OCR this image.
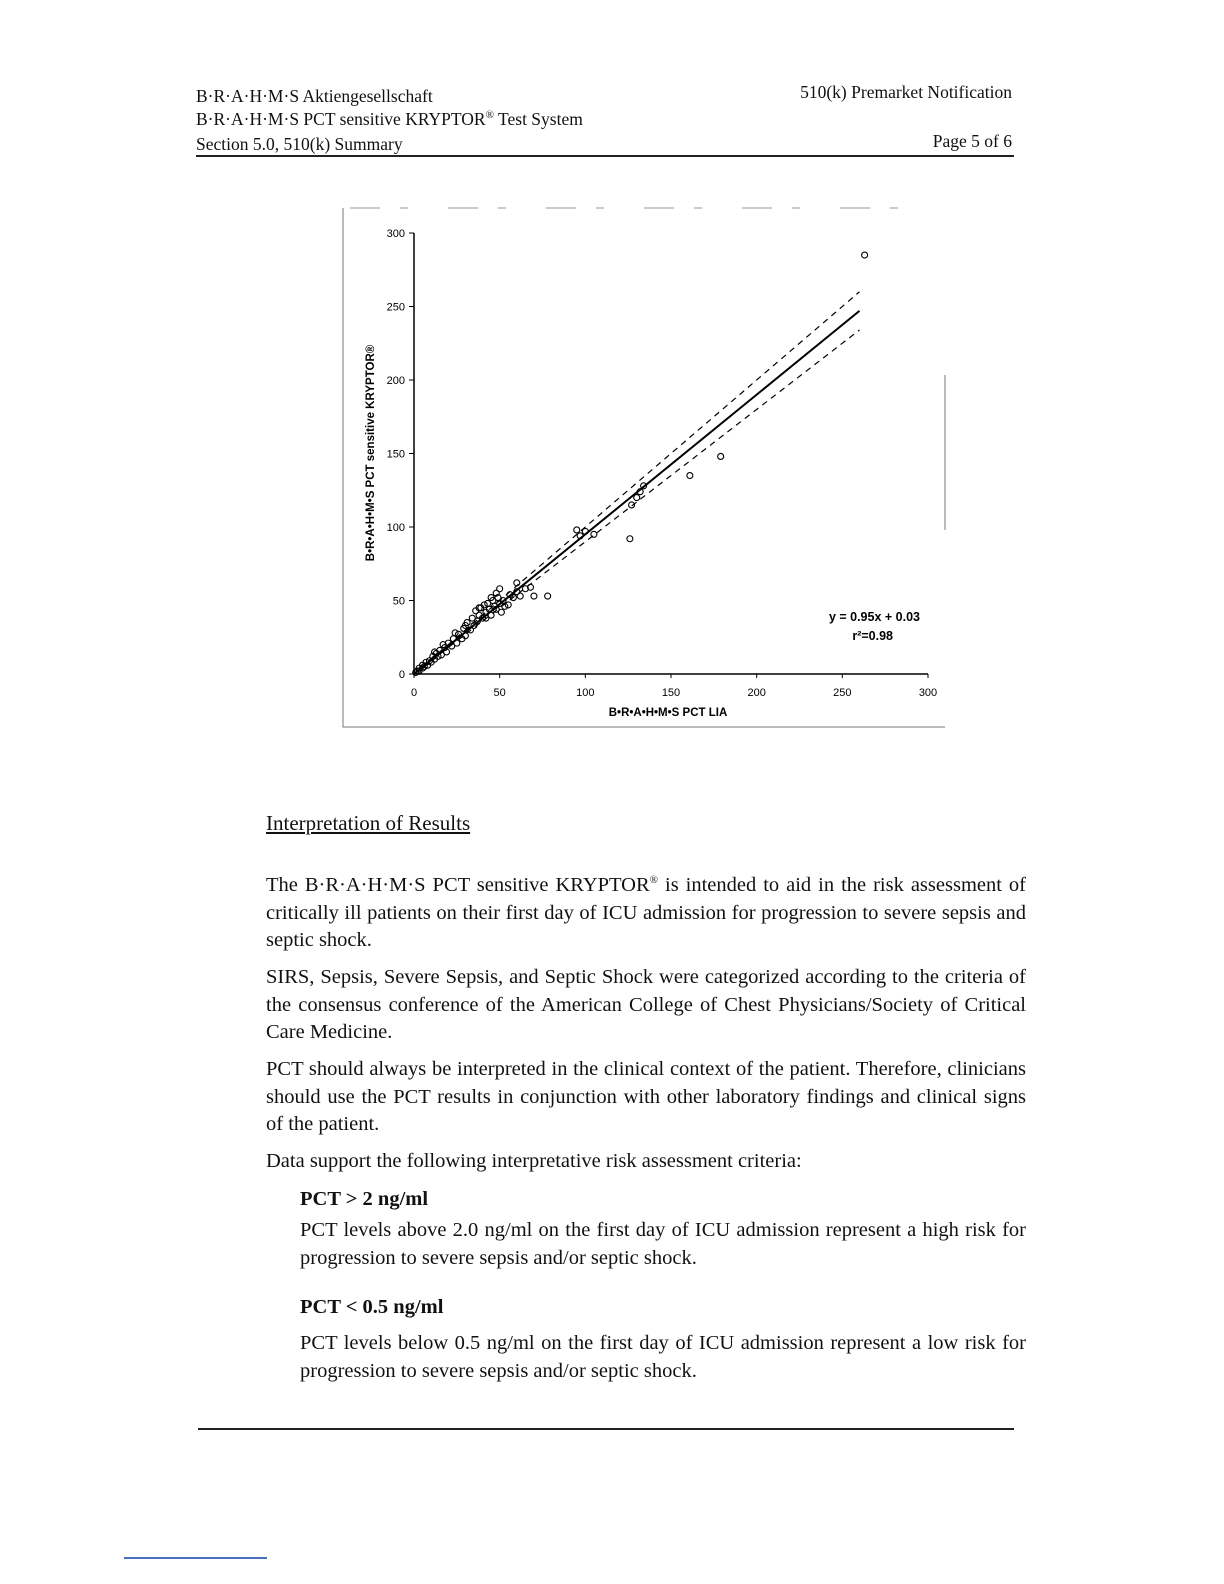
B·R·A·H·M·S Aktiengesellschaft
B·R·A·H·M·S PCT sensitive KRYPTOR® Test System
Section 5.0, 510(k) Summary
510(k) Premarket Notification
Page 5 of 6
0
50
100
150
200
250
300
0	50	100	150	200	250	300
y = 0.95x + 0.03
r²=0.98
B•R•A•H•M•S PCT LIA
B•R•A•H•M•S PCT sensitive KRYPTOR®
Interpretation of Results
The B·R·A·H·M·S PCT sensitive KRYPTOR® is intended to aid in the risk assessment of critically ill patients on their first day of ICU admission for progression to severe sepsis and septic shock.
SIRS, Sepsis, Severe Sepsis, and Septic Shock were categorized according to the criteria of the consensus conference of the American College of Chest Physicians/Society of Critical Care Medicine.
PCT should always be interpreted in the clinical context of the patient. Therefore, clinicians should use the PCT results in conjunction with other laboratory findings and clinical signs of the patient.
Data support the following interpretative risk assessment criteria:
PCT > 2 ng/ml
PCT levels above 2.0 ng/ml on the first day of ICU admission represent a high risk for progression to severe sepsis and/or septic shock.
PCT < 0.5 ng/ml
PCT levels below 0.5 ng/ml on the first day of ICU admission represent a low risk for progression to severe sepsis and/or septic shock.
